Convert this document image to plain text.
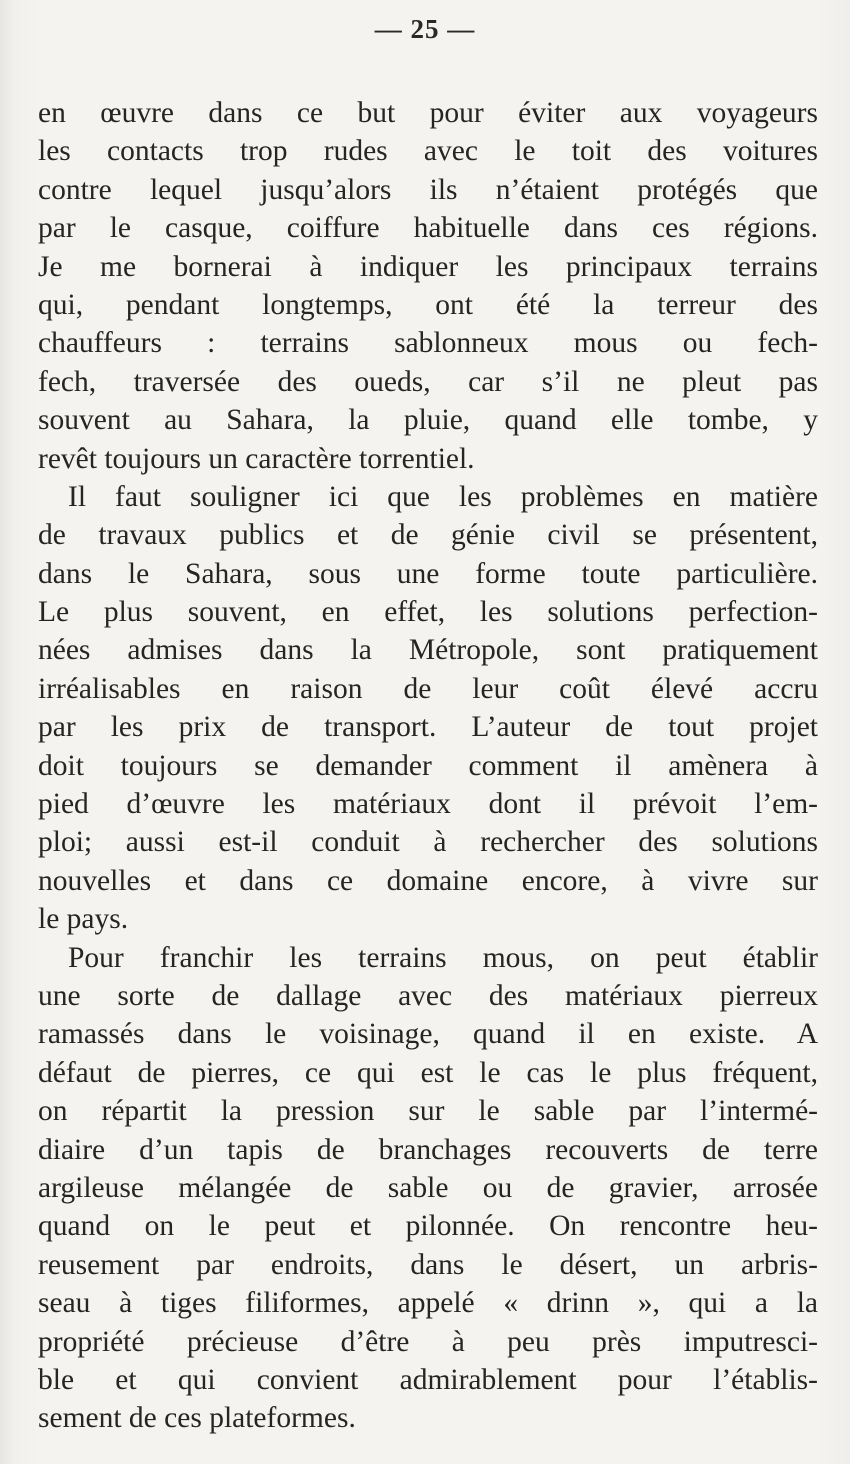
— 25 —
en œuvre dans ce but pour éviter aux voyageurs
les contacts trop rudes avec le toit des voitures
contre lequel jusqu’alors ils n’étaient protégés que
par le casque, coiffure habituelle dans ces régions.
Je me bornerai à indiquer les principaux terrains
qui, pendant longtemps, ont été la terreur des
chauffeurs : terrains sablonneux mous ou fech-
fech, traversée des oueds, car s’il ne pleut pas
souvent au Sahara, la pluie, quand elle tombe, y
revêt toujours un caractère torrentiel.
Il faut souligner ici que les problèmes en matière
de travaux publics et de génie civil se présentent,
dans le Sahara, sous une forme toute particulière.
Le plus souvent, en effet, les solutions perfection-
nées admises dans la Métropole, sont pratiquement
irréalisables en raison de leur coût élevé accru
par les prix de transport. L’auteur de tout projet
doit toujours se demander comment il amènera à
pied d’œuvre les matériaux dont il prévoit l’em-
ploi; aussi est-il conduit à rechercher des solutions
nouvelles et dans ce domaine encore, à vivre sur
le pays.
Pour franchir les terrains mous, on peut établir
une sorte de dallage avec des matériaux pierreux
ramassés dans le voisinage, quand il en existe. A
défaut de pierres, ce qui est le cas le plus fréquent,
on répartit la pression sur le sable par l’intermé-
diaire d’un tapis de branchages recouverts de terre
argileuse mélangée de sable ou de gravier, arrosée
quand on le peut et pilonnée. On rencontre heu-
reusement par endroits, dans le désert, un arbris-
seau à tiges filiformes, appelé « drinn », qui a la
propriété précieuse d’être à peu près imputresci-
ble et qui convient admirablement pour l’établis-
sement de ces plateformes.
